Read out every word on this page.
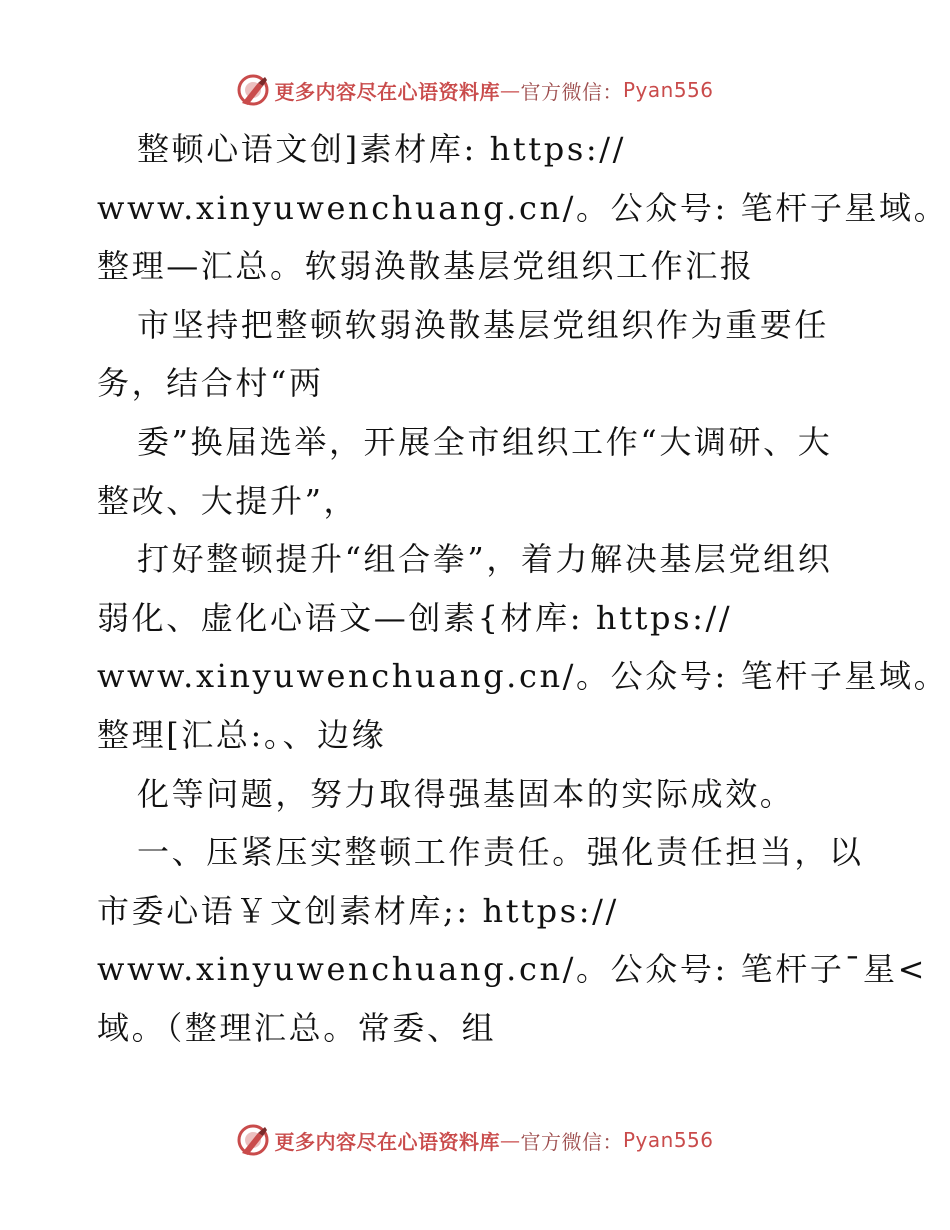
更多内容尽在心语资料库 — 官方微信： Pyan556
整顿心语文创]素材库: https://
www.xinyuwenchuang.cn/。公众号: 笔杆子星域。
整理—汇总。软弱涣散基层党组织工作汇报
市坚持把整顿软弱涣散基层党组织作为重要任
务，结合村“两
委”换届选举，开展全市组织工作“大调研、大
整改、大提升”，
打好整顿提升“组合拳”，着力解决基层党组织
弱化、虚化心语文—创素{材库: https://
www.xinyuwenchuang.cn/。公众号: 笔杆子星域。
整理[汇总:。、边缘
化等问题，努力取得强基固本的实际成效。
一、压紧压实整顿工作责任。强化责任担当，以
市委心语￥文创素材库;: https://
www.xinyuwenchuang.cn/。公众号: 笔杆子¯星<
域。（整理汇总。常委、组
更多内容尽在心语资料库 — 官方微信： Pyan556
